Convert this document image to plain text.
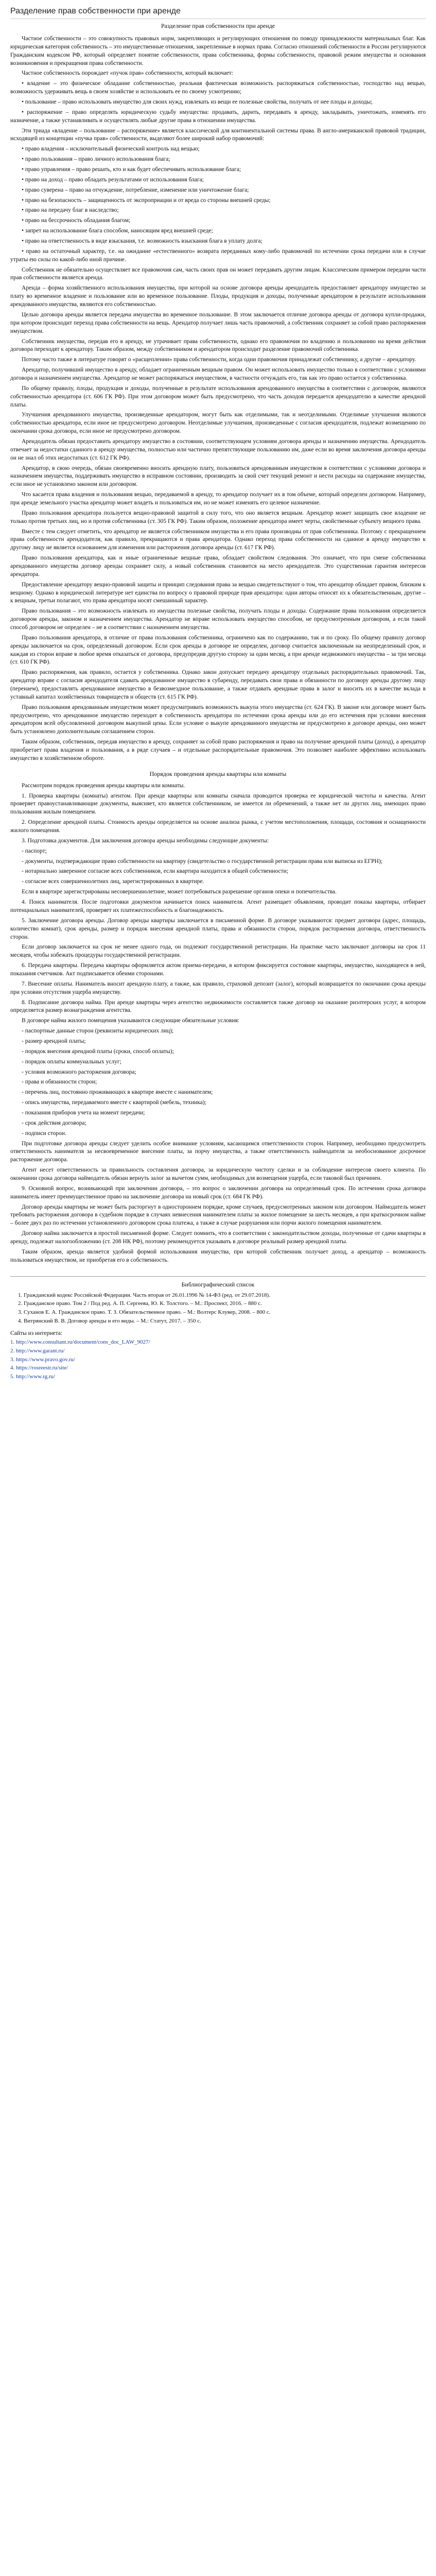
Разделение прав собственности при аренде
Разделение прав собственности при аренде

Частное собственности – это совокупность правовых норм, закрепляющих и регулирующих отношения по поводу принадлежности материальных благ. Как юридическая категория собственность – это имущественные отношения, закрепленные в нормах права. Согласно отношений собственности в России регулируются Гражданским кодексом РФ, который определяет понятие собственности, права собственника, формы собственности, правовой режим имущества и основания возникновения и прекращения права собственности.

Частное собственность порождает «пучок прав» собственности, который включает:

• владение – это физическое обладание собственностью, реальная фактическая возможность распоряжаться собственностью, господство над вещью, возможность удерживать вещь в своем хозяйстве и использовать ее по своему усмотрению;

• пользование – право использовать имущество для своих нужд, извлекать из вещи ее полезные свойства, получать от нее плоды и доходы;

• распоряжение – право определять юридическую судьбу имущества: продавать, дарить, передавать в аренду, закладывать, уничтожать, изменять его назначение, а также устанавливать и осуществлять любые другие права в отношении имущества.

Эти триада «владение – пользование – распоряжение» является классической для континентальной системы права. В англо-американской правовой традиции, исходящей из концепции «пучка прав» собственности, выделяют более широкий набор правомочий:

• право владения – исключительный физический контроль над вещью;

• право пользования – право личного использования блага;

• право управления – право решать, кто и как будет обеспечивать использование блага;

• право на доход – право обладать результатами от использования блага;

• право суверена – право на отчуждение, потребление, изменение или уничтожение блага;

• право на безопасность – защищенность от экспроприации и от вреда со стороны внешней среды;

• право на передачу благ в наследство;

• право на бессрочность обладания благом;

• запрет на использование блага способом, наносящим вред внешней среде;

• право на ответственность в виде взыскания, т.е. возможность взыскания блага в уплату долга;

• право на остаточный характер, т.е. на ожидание «естественного» возврата переданных кому-либо правомочий по истечении срока передачи или в случае утраты ею силы по какой-либо иной причине.

Собственник не обязательно осуществляет все правомочия сам, часть своих прав он может передавать другим лицам. Классическим примером передачи части прав собственности является аренда.

Аренда – форма хозяйственного использования имущества, при которой на основе договора аренды арендодатель предоставляет арендатору имущество за плату во временное владение и пользование или во временное пользование. Плоды, продукция и доходы, полученные арендатором в результате использования арендованного имущества, являются его собственностью.

Целью договора аренды является передача имущества во временное пользование. В этом заключается отличие договора аренды от договора купли-продажи, при котором происходит переход права собственности на вещь. Арендатор получает лишь часть правомочий, а собственник сохраняет за собой право распоряжения имуществом.

Собственник имущества, передав его в аренду, не утрачивает права собственности, однако его правомочия по владению и пользованию на время действия договора переходят к арендатору. Таким образом, между собственником и арендатором происходит разделение правомочий собственника.

Потому часто также в литературе говорят о «расщеплении» права собственности, когда одни правомочия принадлежат собственнику, а другие – арендатору.

Арендатор, получивший имущество в аренду, обладает ограниченным вещным правом. Он может использовать имущество только в соответствии с условиями договора и назначением имущества. Арендатор не может распоряжаться имуществом, в частности отчуждать его, так как это право остается у собственника.

По общему правилу, плоды, продукция и доходы, полученные в результате использования арендованного имущества в соответствии с договором, являются собственностью арендатора (ст. 606 ГК РФ). При этом договором может быть предусмотрено, что часть доходов передается арендодателю в качестве арендной платы.

Улучшения арендованного имущества, произведенные арендатором, могут быть как отделимыми, так и неотделимыми. Отделимые улучшения являются собственностью арендатора, если иное не предусмотрено договором. Неотделимые улучшения, произведенные с согласия арендодателя, подлежат возмещению по окончании срока договора, если иное не предусмотрено договором.

Арендодатель обязан предоставить арендатору имущество в состоянии, соответствующем условиям договора аренды и назначению имущества. Арендодатель отвечает за недостатки сданного в аренду имущества, полностью или частично препятствующие пользованию им, даже если во время заключения договора аренды он не знал об этих недостатках (ст. 612 ГК РФ).

Арендатор, в свою очередь, обязан своевременно вносить арендную плату, пользоваться арендованным имуществом в соответствии с условиями договора и назначением имущества, поддерживать имущество в исправном состоянии, производить за свой счет текущий ремонт и нести расходы на содержание имущества, если иное не установлено законом или договором.

Что касается права владения и пользования вещью, передаваемой в аренду, то арендатор получает их в том объеме, который определен договором. Например, при аренде земельного участка арендатор может владеть и пользоваться им, но не может изменять его целевое назначение.

Право пользования арендатора пользуется вещно-правовой защитой в силу того, что оно является вещным. Арендатор может защищать свое владение не только против третьих лиц, но и против собственника (ст. 305 ГК РФ). Таким образом, положение арендатора имеет черты, свойственные субъекту вещного права.

Вместе с тем следует отметить, что арендатор не является собственником имущества и его права производны от прав собственника. Поэтому с прекращением права собственности арендодателя, как правило, прекращаются и права арендатора. Однако переход права собственности на сданное в аренду имущество к другому лицу не является основанием для изменения или расторжения договора аренды (ст. 617 ГК РФ).

Право пользования арендатора, как и иные ограниченные вещные права, обладает свойством следования. Это означает, что при смене собственника арендованного имущества договор аренды сохраняет силу, а новый собственник становится на место арендодателя. Это существенная гарантия интересов арендатора.

Предоставление арендатору вещно-правовой защиты и принцип следования права за вещью свидетельствуют о том, что арендатор обладает правом, близким к вещному. Однако в юридической литературе нет единства по вопросу о правовой природе прав арендатора: одни авторы относят их к обязательственным, другие – к вещным, третьи полагают, что права арендатора носят смешанный характер.

Право пользования – это возможность извлекать из имущества полезные свойства, получать плоды и доходы. Содержание права пользования определяется договором аренды, законом и назначением имущества. Арендатор не вправе использовать имущество способом, не предусмотренным договором, а если такой способ договором не определен – не в соответствии с назначением имущества.

Право пользования арендатора, в отличие от права пользования собственника, ограничено как по содержанию, так и по сроку. По общему правилу договор аренды заключается на срок, определенный договором. Если срок аренды в договоре не определен, договор считается заключенным на неопределенный срок, и каждая из сторон вправе в любое время отказаться от договора, предупредив другую сторону за один месяц, а при аренде недвижимого имущества – за три месяца (ст. 610 ГК РФ).

Право распоряжения, как правило, остается у собственника. Однако закон допускает передачу арендатору отдельных распорядительных правомочий. Так, арендатор вправе с согласия арендодателя сдавать арендованное имущество в субаренду, передавать свои права и обязанности по договору аренды другому лицу (перенаем), предоставлять арендованное имущество в безвозмездное пользование, а также отдавать арендные права в залог и вносить их в качестве вклада в уставный капитал хозяйственных товариществ и обществ (ст. 615 ГК РФ).

Право пользования арендованным имуществом может предусматривать возможность выкупа этого имущества (ст. 624 ГК). В законе или договоре может быть предусмотрено, что арендованное имущество переходит в собственность арендатора по истечении срока аренды или до его истечения при условии внесения арендатором всей обусловленной договором выкупной цены. Если условие о выкупе арендованного имущества не предусмотрено в договоре аренды, оно может быть установлено дополнительным соглашением сторон.

Таким образом, собственник, передав имущество в аренду, сохраняет за собой право распоряжения и право на получение арендной платы (доход), а арендатор приобретает права владения и пользования, а в ряде случаев – и отдельные распорядительные правомочия. Это позволяет наиболее эффективно использовать имущество в хозяйственном обороте.

Порядок проведения аренды квартиры или комнаты

Рассмотрим порядок проведения аренды квартиры или комнаты.

1. Проверка квартиры (комнаты) агентом. При аренде квартиры или комнаты сначала проводится проверка ее юридической чистоты и качества. Агент проверяет правоустанавливающие документы, выясняет, кто является собственником, не имеется ли обременений, а также нет ли других лиц, имеющих право пользования жилым помещением.

2. Определение арендной платы. Стоимость аренды определяется на основе анализа рынка, с учетом местоположения, площади, состояния и оснащенности жилого помещения.

3. Подготовка документов. Для заключения договора аренды необходимы следующие документы:

- паспорт;

- документы, подтверждающие право собственности на квартиру (свидетельство о государственной регистрации права или выписка из ЕГРН);

- нотариально заверенное согласие всех собственников, если квартира находится в общей собственности;

- согласие всех совершеннолетних лиц, зарегистрированных в квартире.

Если в квартире зарегистрированы несовершеннолетние, может потребоваться разрешение органов опеки и попечительства.

4. Поиск нанимателя. После подготовки документов начинается поиск нанимателя. Агент размещает объявления, проводит показы квартиры, отбирает потенциальных нанимателей, проверяет их платежеспособность и благонадежность.

5. Заключение договора аренды. Договор аренды квартиры заключается в письменной форме. В договоре указываются: предмет договора (адрес, площадь, количество комнат), срок аренды, размер и порядок внесения арендной платы, права и обязанности сторон, порядок расторжения договора, ответственность сторон.

Если договор заключается на срок не менее одного года, он подлежит государственной регистрации. На практике часто заключают договоры на срок 11 месяцев, чтобы избежать процедуры государственной регистрации.

6. Передача квартиры. Передача квартиры оформляется актом приема-передачи, в котором фиксируется состояние квартиры, имущество, находящееся в ней, показания счетчиков. Акт подписывается обеими сторонами.

7. Внесение оплаты. Наниматель вносит арендную плату, а также, как правило, страховой депозит (залог), который возвращается по окончании срока аренды при условии отсутствия ущерба имуществу.

8. Подписание договора найма. При аренде квартиры через агентство недвижимости составляется также договор на оказание риэлтерских услуг, в котором определяется размер вознаграждения агентства.

В договоре найма жилого помещения указываются следующие обязательные условия:

- паспортные данные сторон (реквизиты юридических лиц);

- размер арендной платы;

- порядок внесения арендной платы (сроки, способ оплаты);

- порядок оплаты коммунальных услуг;

- условия возможного расторжения договора;

- права и обязанности сторон;

- перечень лиц, постоянно проживающих в квартире вместе с нанимателем;

- опись имущества, передаваемого вместе с квартирой (мебель, техника);

- показания приборов учета на момент передачи;

- срок действия договора;

- подписи сторон.

При подготовке договора аренды следует уделить особое внимание условиям, касающимся ответственности сторон. Например, необходимо предусмотреть ответственность нанимателя за несвоевременное внесение платы, за порчу имущества, а также ответственность наймодателя за необоснованное досрочное расторжение договора.

Агент несет ответственность за правильность составления договора, за юридическую чистоту сделки и за соблюдение интересов своего клиента. По окончании срока договора наймодатель обязан вернуть залог за вычетом сумм, необходимых для возмещения ущерба, если таковой был причинен.

9. Основной вопрос, возникающий при заключении договора, – это вопрос о заключении договора на определенный срок. По истечении срока договора наниматель имеет преимущественное право на заключение договора на новый срок (ст. 684 ГК РФ).

Договор аренды квартиры не может быть расторгнут в одностороннем порядке, кроме случаев, предусмотренных законом или договором. Наймодатель может требовать расторжения договора в судебном порядке в случаях невнесения нанимателем платы за жилое помещение за шесть месяцев, а при краткосрочном найме – более двух раз по истечении установленного договором срока платежа, а также в случае разрушения или порчи жилого помещения нанимателем.

Договор найма заключается в простой письменной форме. Следует помнить, что в соответствии с законодательством доходы, полученные от сдачи квартиры в аренду, подлежат налогообложению (ст. 208 НК РФ), поэтому рекомендуется указывать в договоре реальный размер арендной платы.

Таким образом, аренда является удобной формой использования имущества, при которой собственник получает доход, а арендатор – возможность пользоваться имуществом, не приобретая его в собственность.

Библиографический список
1. Гражданский кодекс Российской Федерации. Часть вторая от 26.01.1996 № 14-ФЗ (ред. от 29.07.2018).
2. Гражданское право. Том 2 / Под ред. А. П. Сергеева, Ю. К. Толстого. – М.: Проспект, 2016. – 880 с.
3. Суханов Е. А. Гражданское право. Т. 3. Обязательственное право. – М.: Волтерс Клувер, 2008. – 800 с.
4. Витрянский В. В. Договор аренды и его виды. – М.: Статут, 2017. – 350 с.
Сайты из интернета:
1. http://www.consultant.ru/document/cons_doc_LAW_9027/
2. http://www.garant.ru/
3. https://www.pravo.gov.ru/
4. https://rosreestr.ru/site/
5. http://www.rg.ru/
